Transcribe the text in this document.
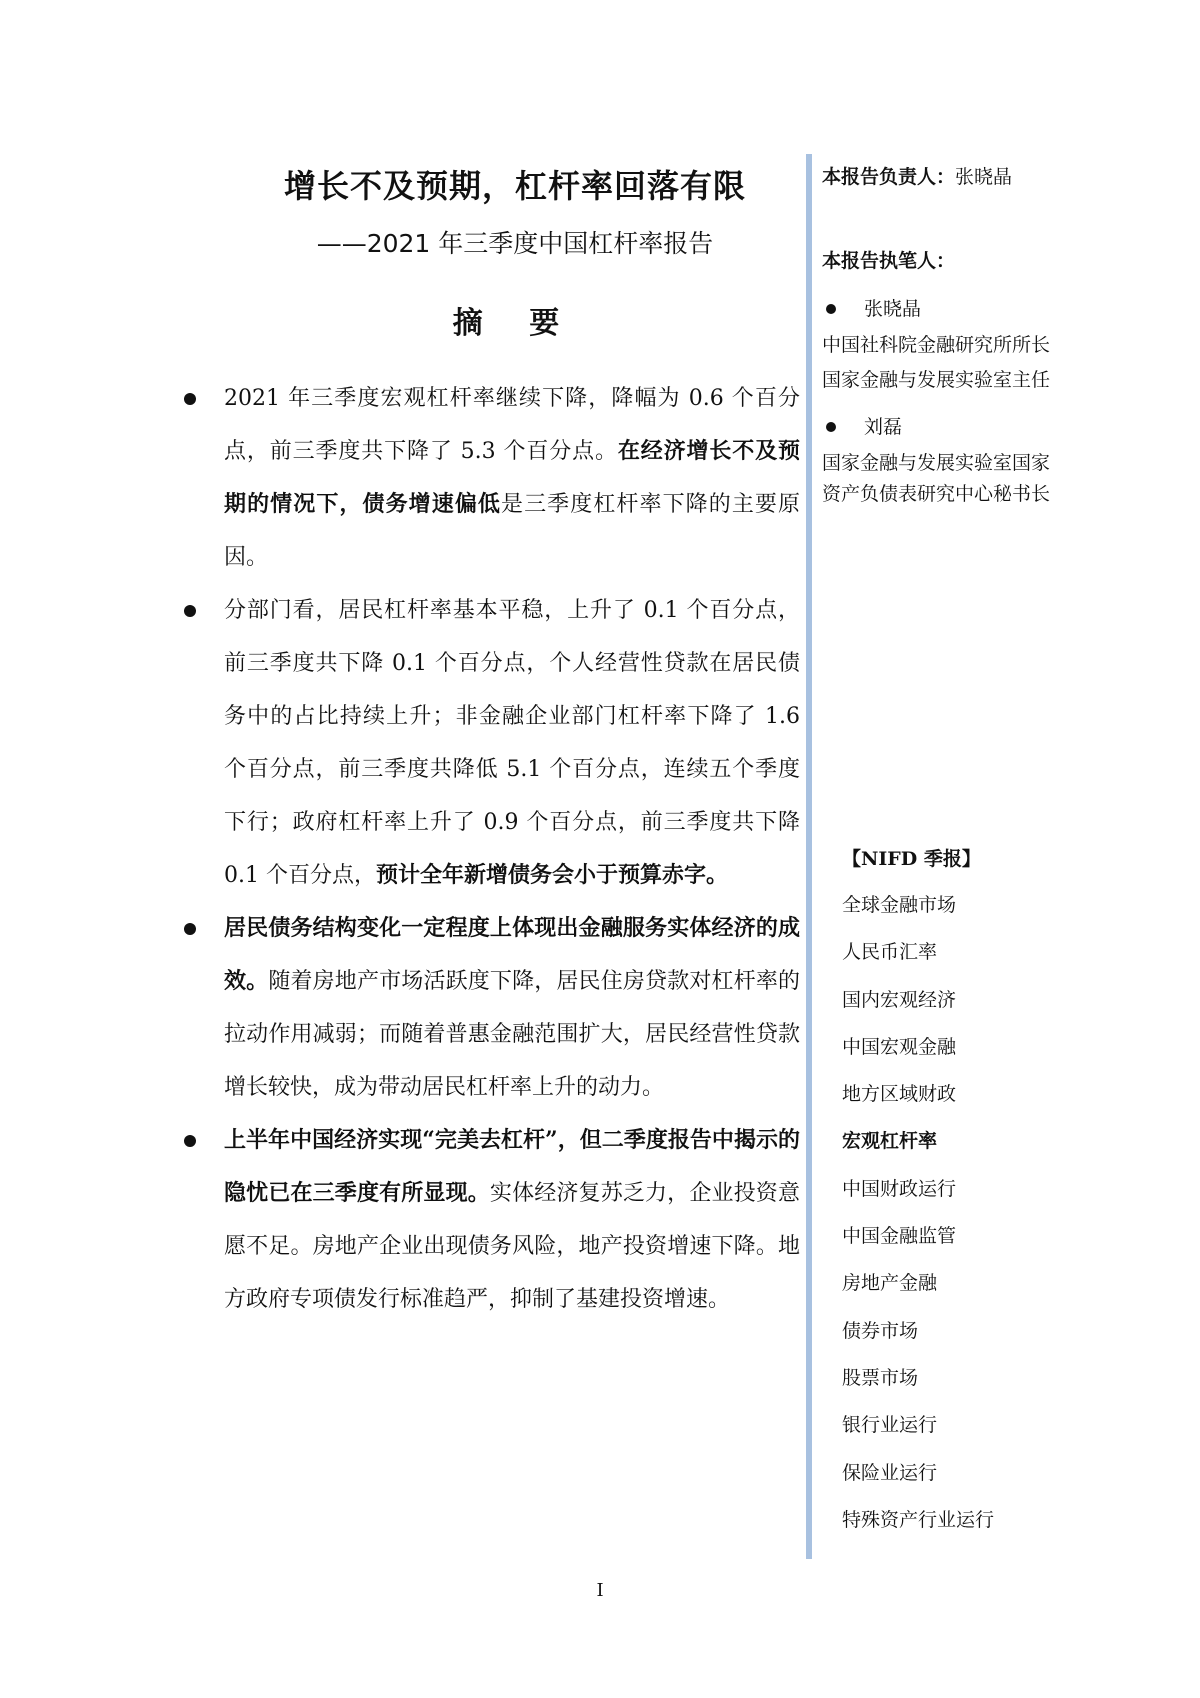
增长不及预期，杠杆率回落有限
——2021 年三季度中国杠杆率报告
摘 要
2021 年三季度宏观杠杆率继续下降，降幅为 0.6 个百分点，前三季度共下降了 5.3 个百分点。在经济增长不及预期的情况下，债务增速偏低是三季度杠杆率下降的主要原因。
分部门看，居民杠杆率基本平稳，上升了 0.1 个百分点，前三季度共下降 0.1 个百分点，个人经营性贷款在居民债务中的占比持续上升；非金融企业部门杠杆率下降了 1.6 个百分点，前三季度共降低 5.1 个百分点，连续五个季度下行；政府杠杆率上升了 0.9 个百分点，前三季度共下降 0.1 个百分点，预计全年新增债务会小于预算赤字。
居民债务结构变化一定程度上体现出金融服务实体经济的成效。随着房地产市场活跃度下降，居民住房贷款对杠杆率的拉动作用减弱；而随着普惠金融范围扩大，居民经营性贷款增长较快，成为带动居民杠杆率上升的动力。
上半年中国经济实现“完美去杠杆”，但二季度报告中揭示的隐忧已在三季度有所显现。实体经济复苏乏力，企业投资意愿不足。房地产企业出现债务风险，地产投资增速下降。地方政府专项债发行标准趋严，抑制了基建投资增速。
本报告负责人：张晓晶
本报告执笔人：
张晓晶
中国社科院金融研究所所长
国家金融与发展实验室主任
刘磊
国家金融与发展实验室国家资产负债表研究中心秘书长
【NIFD 季报】
全球金融市场
人民币汇率
国内宏观经济
中国宏观金融
地方区域财政
宏观杠杆率
中国财政运行
中国金融监管
房地产金融
债券市场
股票市场
银行业运行
保险业运行
特殊资产行业运行
I
